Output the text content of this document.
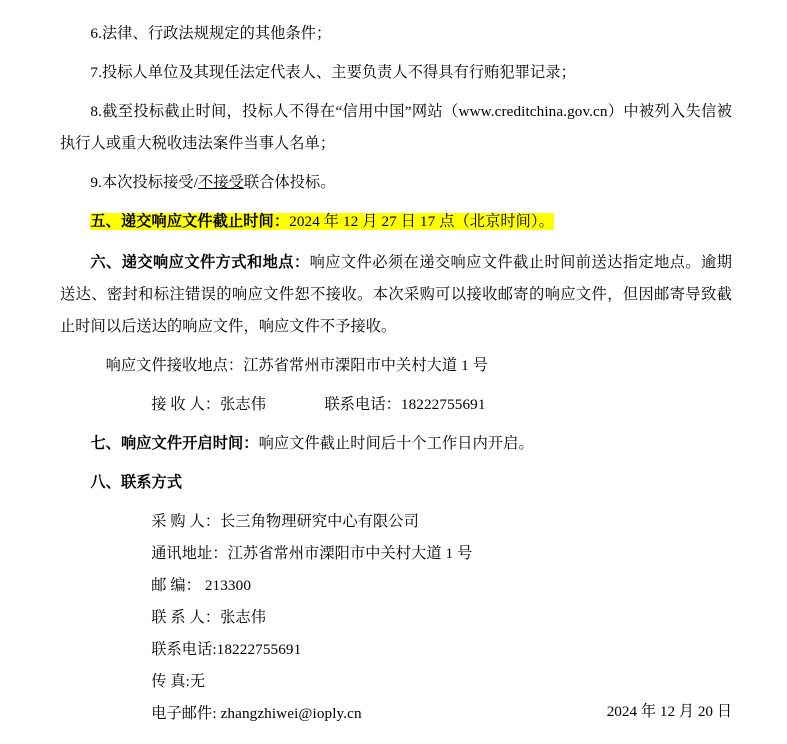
6.法律、行政法规规定的其他条件；

7.投标人单位及其现任法定代表人、主要负责人不得具有行贿犯罪记录；

8.截至投标截止时间，投标人不得在“信用中国”网站（www.creditchina.gov.cn）中被列入失信被执行人或重大税收违法案件当事人名单；

9.本次投标接受/不接受联合体投标。

五、递交响应文件截止时间：2024 年 12 月 27 日 17 点（北京时间）。

六、递交响应文件方式和地点：响应文件必须在递交响应文件截止时间前送达指定地点。逾期送达、密封和标注错误的响应文件恕不接收。本次采购可以接收邮寄的响应文件，但因邮寄导致截止时间以后送达的响应文件，响应文件不予接收。

响应文件接收地点：江苏省常州市溧阳市中关村大道 1 号

接 收 人：张志伟	联系电话：18222755691

七、响应文件开启时间：响应文件截止时间后十个工作日内开启。

八、联系方式

采 购 人：长三角物理研究中心有限公司

通讯地址：江苏省常州市溧阳市中关村大道 1 号

邮 编： 213300

联 系 人：张志伟

联系电话:18222755691

传 真:无

电子邮件: zhangzhiwei@ioply.cn	2024 年 12 月 20 日
